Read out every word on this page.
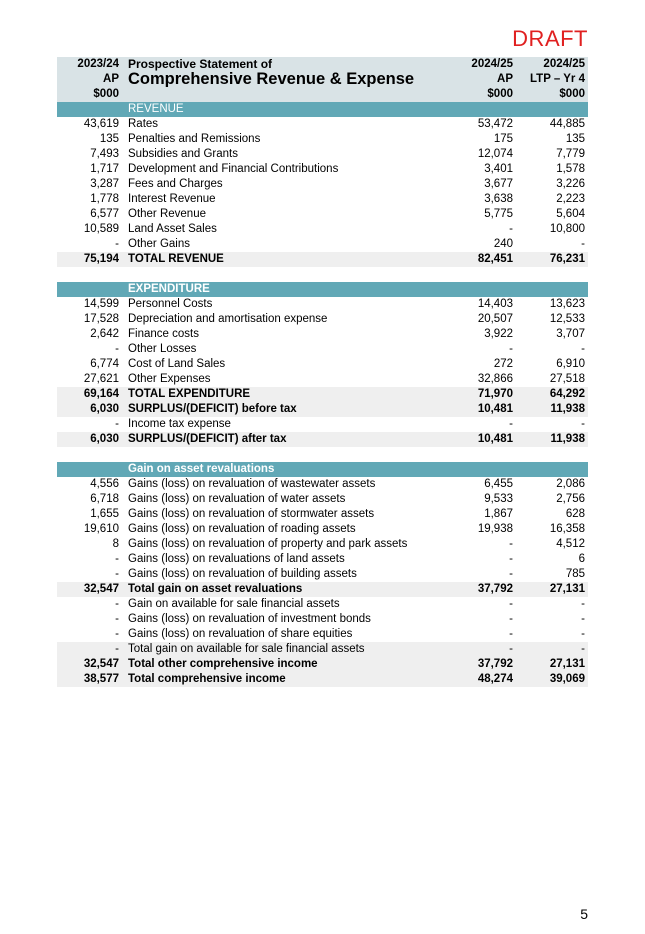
DRAFT
2023/24	Prospective Statement of	2024/25	2024/25
AP	Comprehensive Revenue & Expense	AP	LTP – Yr 4
$000		$000	$000
	REVENUE		
43,619	Rates	53,472	44,885
135	Penalties and Remissions	175	135
7,493	Subsidies and Grants	12,074	7,779
1,717	Development and Financial Contributions	3,401	1,578
3,287	Fees and Charges	3,677	3,226
1,778	Interest Revenue	3,638	2,223
6,577	Other Revenue	5,775	5,604
10,589	Land Asset Sales	-	10,800
-	Other Gains	240	-
75,194	TOTAL REVENUE	82,451	76,231

	EXPENDITURE		
14,599	Personnel Costs	14,403	13,623
17,528	Depreciation and amortisation expense	20,507	12,533
2,642	Finance costs	3,922	3,707
-	Other Losses	-	-
6,774	Cost of Land Sales	272	6,910
27,621	Other Expenses	32,866	27,518
69,164	TOTAL EXPENDITURE	71,970	64,292
6,030	SURPLUS/(DEFICIT) before tax	10,481	11,938
-	Income tax expense	-	-
6,030	SURPLUS/(DEFICIT) after tax	10,481	11,938

	Gain on asset revaluations		
4,556	Gains (loss) on revaluation of wastewater assets	6,455	2,086
6,718	Gains (loss) on revaluation of water assets	9,533	2,756
1,655	Gains (loss) on revaluation of stormwater assets	1,867	628
19,610	Gains (loss) on revaluation of roading assets	19,938	16,358
8	Gains (loss) on revaluation of property and park assets	-	4,512
-	Gains (loss) on revaluations of land assets	-	6
-	Gains (loss) on revaluation of building assets	-	785
32,547	Total gain on asset revaluations	37,792	27,131
-	Gain on available for sale financial assets	-	-
-	Gains (loss) on revaluation of investment bonds	-	-
-	Gains (loss) on revaluation of share equities	-	-
-	Total gain on available for sale financial assets	-	-
32,547	Total other comprehensive income	37,792	27,131
38,577	Total comprehensive income	48,274	39,069
5
